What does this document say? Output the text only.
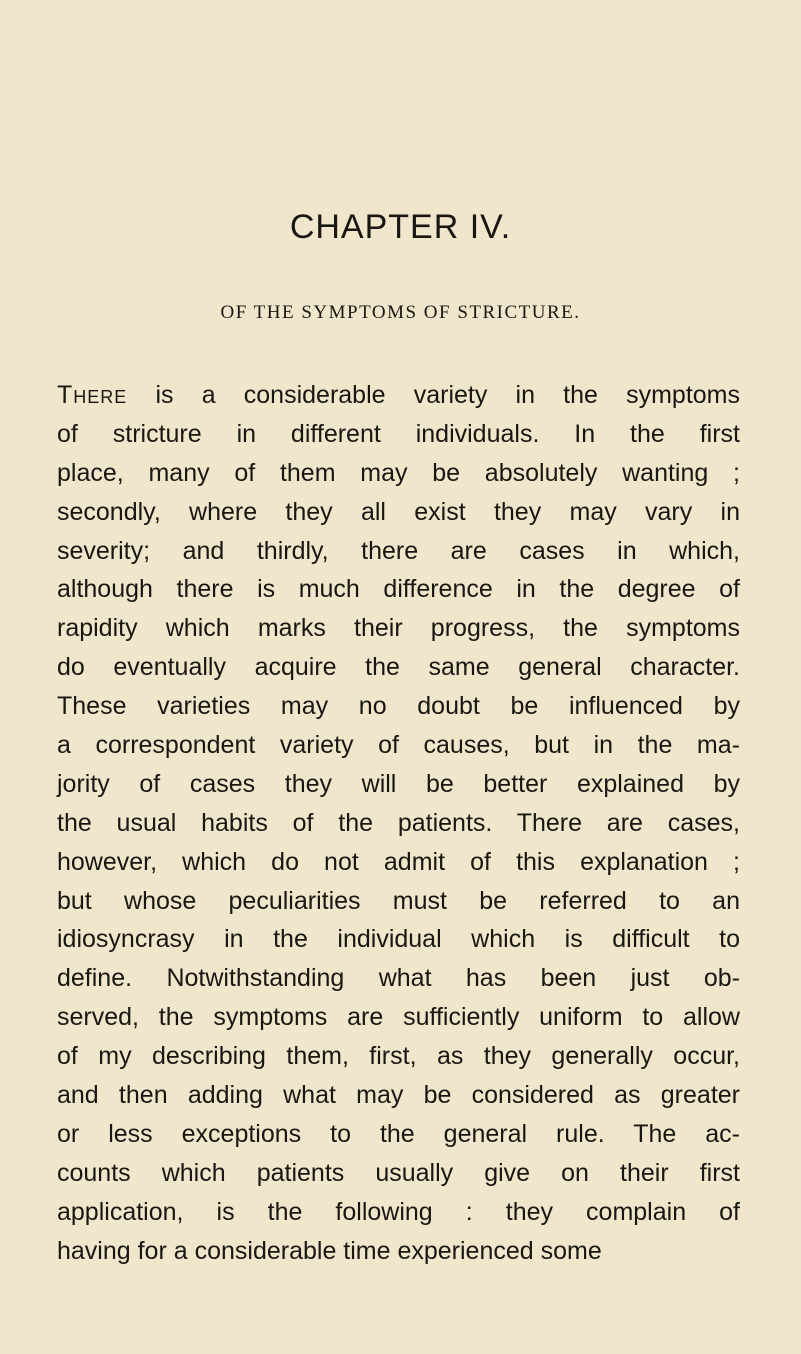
CHAPTER IV.
OF THE SYMPTOMS OF STRICTURE.
There is a considerable variety in the symptoms
of stricture in different individuals. In the first
place, many of them may be absolutely wanting ;
secondly, where they all exist they may vary in
severity; and thirdly, there are cases in which,
although there is much difference in the degree of
rapidity which marks their progress, the symptoms
do eventually acquire the same general character.
These varieties may no doubt be influenced by
a correspondent variety of causes, but in the ma-
jority of cases they will be better explained by
the usual habits of the patients. There are cases,
however, which do not admit of this explanation ;
but whose peculiarities must be referred to an
idiosyncrasy in the individual which is difficult to
define. Notwithstanding what has been just ob-
served, the symptoms are sufficiently uniform to allow
of my describing them, first, as they generally occur,
and then adding what may be considered as greater
or less exceptions to the general rule. The ac-
counts which patients usually give on their first
application, is the following : they complain of
having for a considerable time experienced some
